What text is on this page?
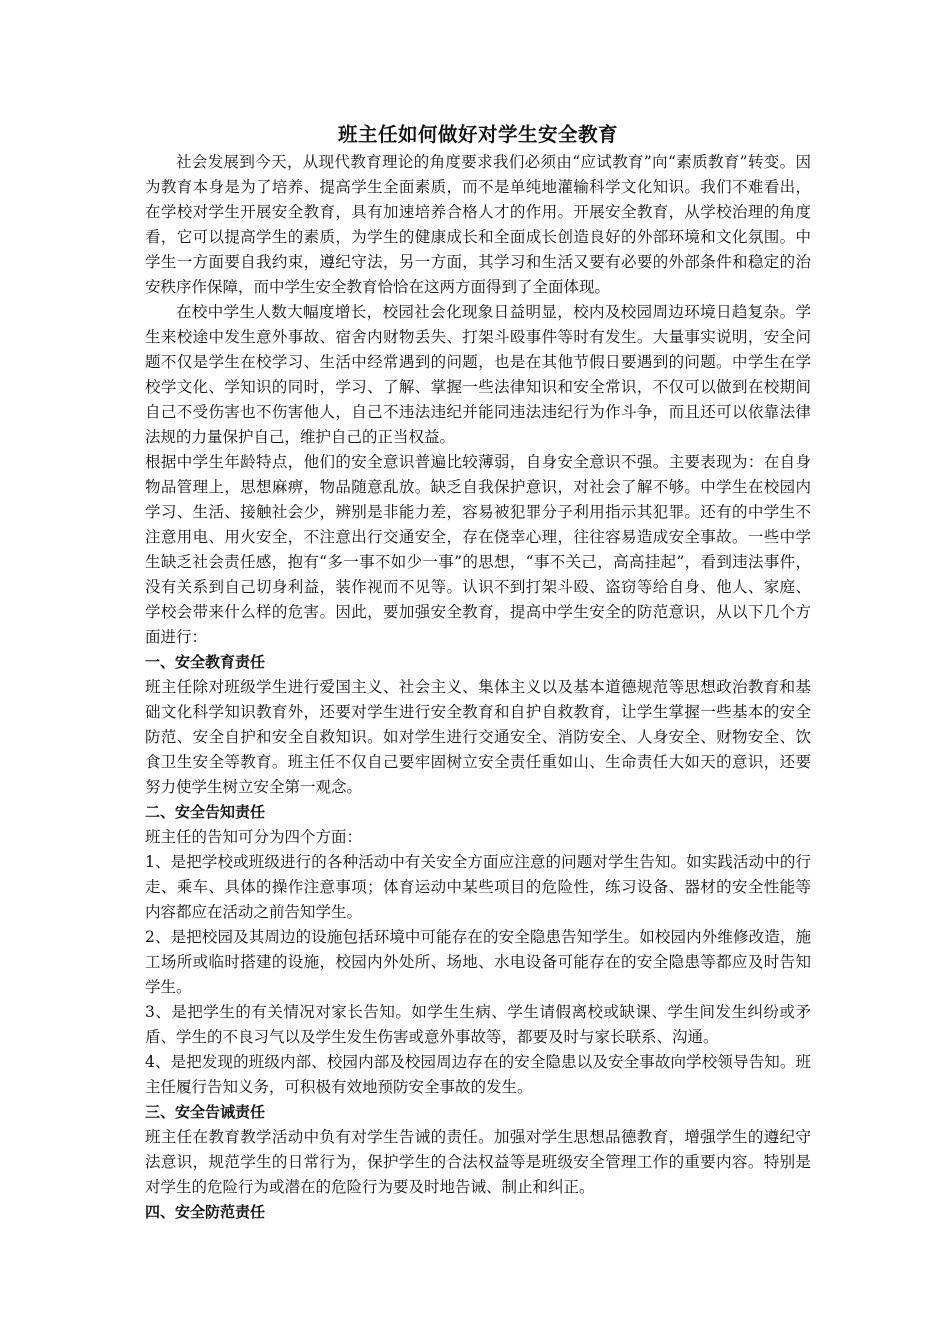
班主任如何做好对学生安全教育

社会发展到今天，从现代教育理论的角度要求我们必须由“应试教育”向“素质教育”转变。因为教育本身是为了培养、提高学生全面素质，而不是单纯地灌输科学文化知识。我们不难看出，在学校对学生开展安全教育，具有加速培养合格人才的作用。开展安全教育，从学校治理的角度看，它可以提高学生的素质，为学生的健康成长和全面成长创造良好的外部环境和文化氛围。中学生一方面要自我约束，遵纪守法，另一方面，其学习和生活又要有必要的外部条件和稳定的治安秩序作保障，而中学生安全教育恰恰在这两方面得到了全面体现。

在校中学生人数大幅度增长，校园社会化现象日益明显，校内及校园周边环境日趋复杂。学生来校途中发生意外事故、宿舍内财物丢失、打架斗殴事件等时有发生。大量事实说明，安全问题不仅是学生在校学习、生活中经常遇到的问题，也是在其他节假日要遇到的问题。中学生在学校学文化、学知识的同时，学习、了解、掌握一些法律知识和安全常识，不仅可以做到在校期间自己不受伤害也不伤害他人，自己不违法违纪并能同违法违纪行为作斗争，而且还可以依靠法律法规的力量保护自己，维护自己的正当权益。

根据中学生年龄特点，他们的安全意识普遍比较薄弱，自身安全意识不强。主要表现为：在自身物品管理上，思想麻痹，物品随意乱放。缺乏自我保护意识，对社会了解不够。中学生在校园内学习、生活、接触社会少，辨别是非能力差，容易被犯罪分子利用指示其犯罪。还有的中学生不注意用电、用火安全，不注意出行交通安全，存在侥幸心理，往往容易造成安全事故。一些中学生缺乏社会责任感，抱有“多一事不如少一事”的思想，“事不关己，高高挂起”，看到违法事件，没有关系到自己切身利益，装作视而不见等。认识不到打架斗殴、盗窃等给自身、他人、家庭、学校会带来什么样的危害。因此，要加强安全教育，提高中学生安全的防范意识，从以下几个方面进行：

一、安全教育责任

班主任除对班级学生进行爱国主义、社会主义、集体主义以及基本道德规范等思想政治教育和基础文化科学知识教育外，还要对学生进行安全教育和自护自救教育，让学生掌握一些基本的安全防范、安全自护和安全自救知识。如对学生进行交通安全、消防安全、人身安全、财物安全、饮食卫生安全等教育。班主任不仅自己要牢固树立安全责任重如山、生命责任大如天的意识，还要努力使学生树立安全第一观念。

二、安全告知责任

班主任的告知可分为四个方面：

1、是把学校或班级进行的各种活动中有关安全方面应注意的问题对学生告知。如实践活动中的行走、乘车、具体的操作注意事项；体育运动中某些项目的危险性，练习设备、器材的安全性能等内容都应在活动之前告知学生。

2、是把校园及其周边的设施包括环境中可能存在的安全隐患告知学生。如校园内外维修改造，施工场所或临时搭建的设施，校园内外处所、场地、水电设备可能存在的安全隐患等都应及时告知学生。

3、是把学生的有关情况对家长告知。如学生生病、学生请假离校或缺课、学生间发生纠纷或矛盾、学生的不良习气以及学生发生伤害或意外事故等，都要及时与家长联系、沟通。

4、是把发现的班级内部、校园内部及校园周边存在的安全隐患以及安全事故向学校领导告知。班主任履行告知义务，可积极有效地预防安全事故的发生。

三、安全告诫责任

班主任在教育教学活动中负有对学生告诫的责任。加强对学生思想品德教育，增强学生的遵纪守法意识，规范学生的日常行为，保护学生的合法权益等是班级安全管理工作的重要内容。特别是对学生的危险行为或潜在的危险行为要及时地告诫、制止和纠正。

四、安全防范责任
